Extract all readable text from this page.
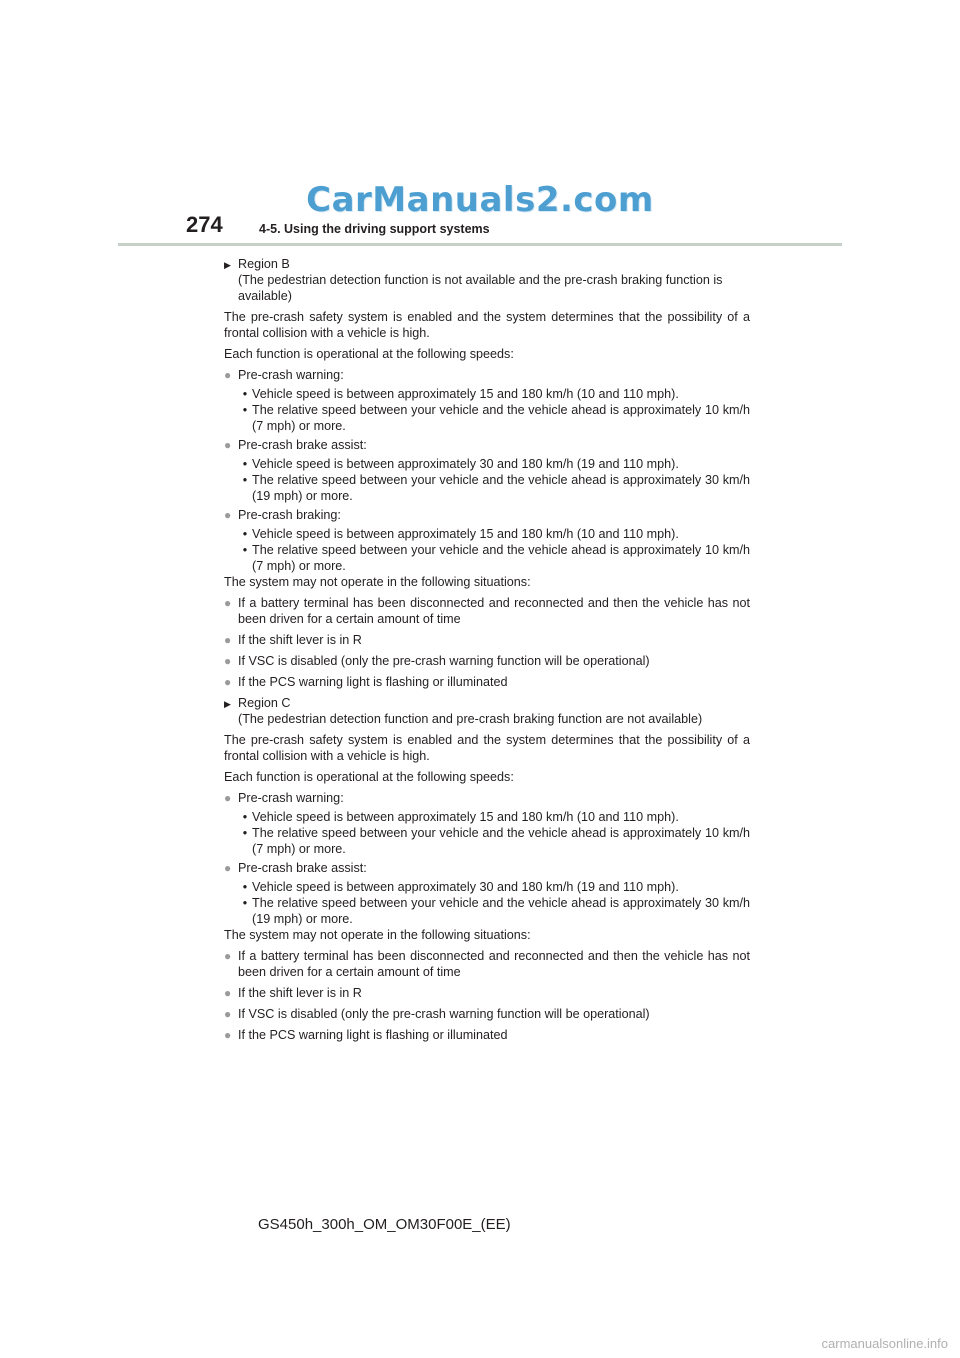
CarManuals2.com
274	4-5. Using the driving support systems
▶ Region B

(The pedestrian detection function is not available and the pre-crash braking function is available)

The pre-crash safety system is enabled and the system determines that the possibility of a frontal collision with a vehicle is high.

Each function is operational at the following speeds:

● Pre-crash warning:
• Vehicle speed is between approximately 15 and 180 km/h (10 and 110 mph).
• The relative speed between your vehicle and the vehicle ahead is approximately 10 km/h (7 mph) or more.
● Pre-crash brake assist:
• Vehicle speed is between approximately 30 and 180 km/h (19 and 110 mph).
• The relative speed between your vehicle and the vehicle ahead is approximately 30 km/h (19 mph) or more.
● Pre-crash braking:
• Vehicle speed is between approximately 15 and 180 km/h (10 and 110 mph).
• The relative speed between your vehicle and the vehicle ahead is approximately 10 km/h (7 mph) or more.

The system may not operate in the following situations:

● If a battery terminal has been disconnected and reconnected and then the vehicle has not been driven for a certain amount of time
● If the shift lever is in R
● If VSC is disabled (only the pre-crash warning function will be operational)
● If the PCS warning light is flashing or illuminated
▶ Region C

(The pedestrian detection function and pre-crash braking function are not available)

The pre-crash safety system is enabled and the system determines that the possibility of a frontal collision with a vehicle is high.

Each function is operational at the following speeds:

● Pre-crash warning:
• Vehicle speed is between approximately 15 and 180 km/h (10 and 110 mph).
• The relative speed between your vehicle and the vehicle ahead is approximately 10 km/h (7 mph) or more.
● Pre-crash brake assist:
• Vehicle speed is between approximately 30 and 180 km/h (19 and 110 mph).
• The relative speed between your vehicle and the vehicle ahead is approximately 30 km/h (19 mph) or more.

The system may not operate in the following situations:

● If a battery terminal has been disconnected and reconnected and then the vehicle has not been driven for a certain amount of time
● If the shift lever is in R
● If VSC is disabled (only the pre-crash warning function will be operational)
● If the PCS warning light is flashing or illuminated
GS450h_300h_OM_OM30F00E_(EE)
carmanualsonline.info
